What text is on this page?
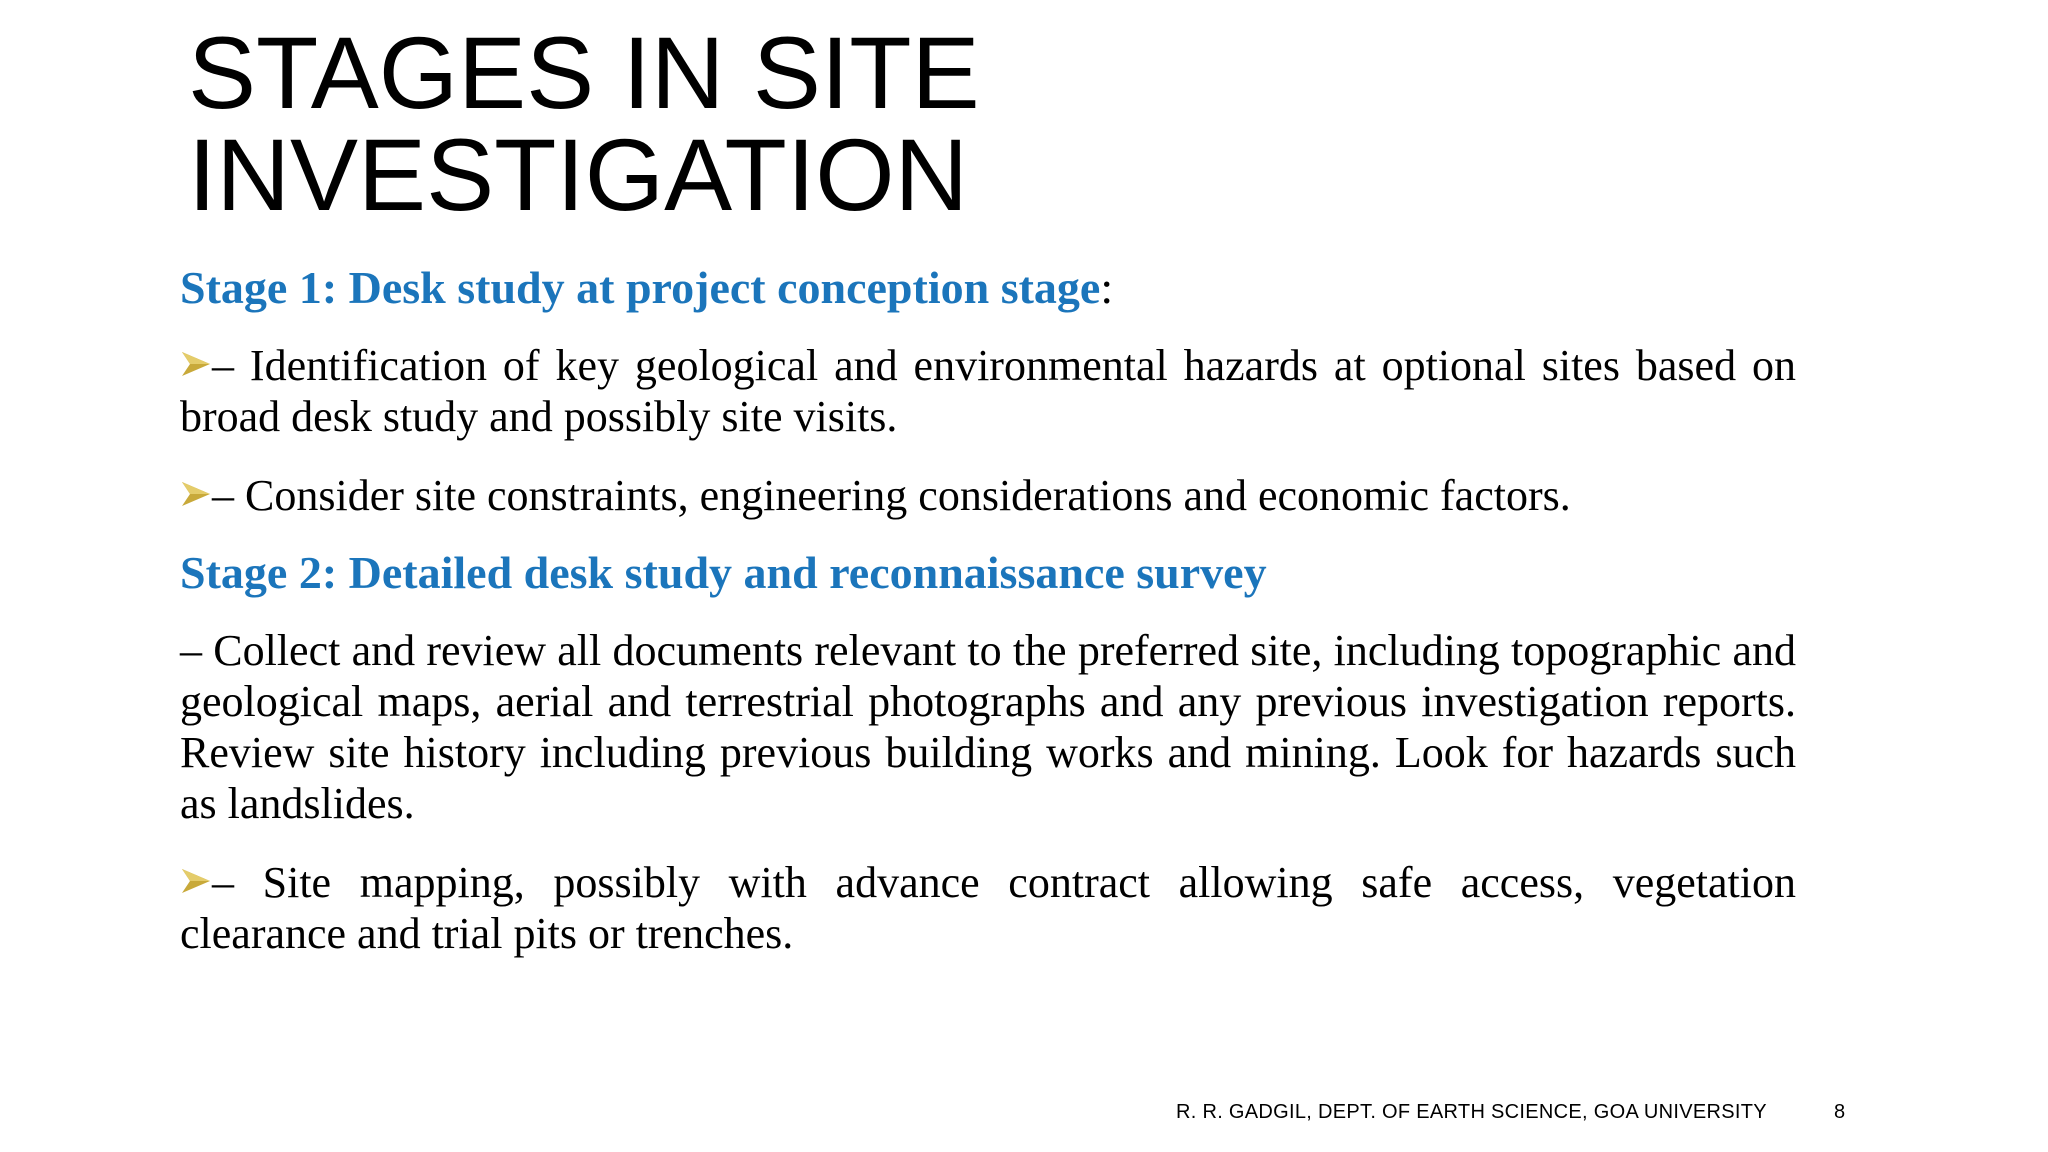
STAGES IN SITE
INVESTIGATION

Stage 1: Desk study at project conception stage:

– Identification of key geological and environmental hazards at optional sites based on broad desk study and possibly site visits.

– Consider site constraints, engineering considerations and economic factors.

Stage 2: Detailed desk study and reconnaissance survey

– Collect and review all documents relevant to the preferred site, including topographic and geological maps, aerial and terrestrial photographs and any previous investigation reports. Review site history including previous building works and mining. Look for hazards such as landslides.

– Site mapping, possibly with advance contract allowing safe access, vegetation clearance and trial pits or trenches.

R. R. GADGIL, DEPT. OF EARTH SCIENCE, GOA UNIVERSITY	8
